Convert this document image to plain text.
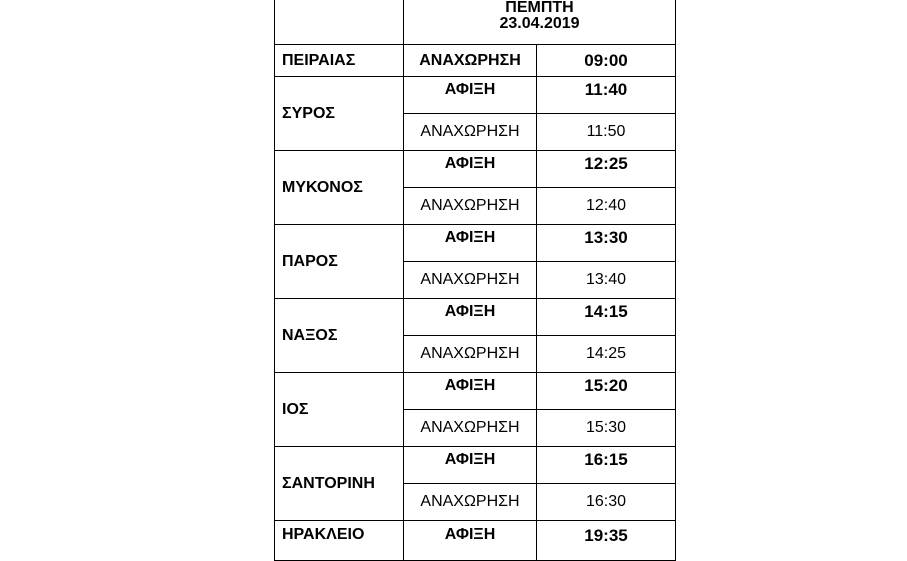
	ΠΕΜΠΤΗ
23.04.2019	

ΠΕΙΡΑΙΑΣ	ΑΝΑΧΩΡΗΣΗ	09:00
ΣΥΡΟΣ	ΑΦΙΞΗ	11:40
	ΑΝΑΧΩΡΗΣΗ	11:50
ΜΥΚΟΝΟΣ	ΑΦΙΞΗ	12:25
	ΑΝΑΧΩΡΗΣΗ	12:40
ΠΑΡΟΣ	ΑΦΙΞΗ	13:30
	ΑΝΑΧΩΡΗΣΗ	13:40
ΝΑΞΟΣ	ΑΦΙΞΗ	14:15
	ΑΝΑΧΩΡΗΣΗ	14:25
ΙΟΣ	ΑΦΙΞΗ	15:20
	ΑΝΑΧΩΡΗΣΗ	15:30
ΣΑΝΤΟΡΙΝΗ	ΑΦΙΞΗ	16:15
	ΑΝΑΧΩΡΗΣΗ	16:30
ΗΡΑΚΛΕΙΟ	ΑΦΙΞΗ	19:35
